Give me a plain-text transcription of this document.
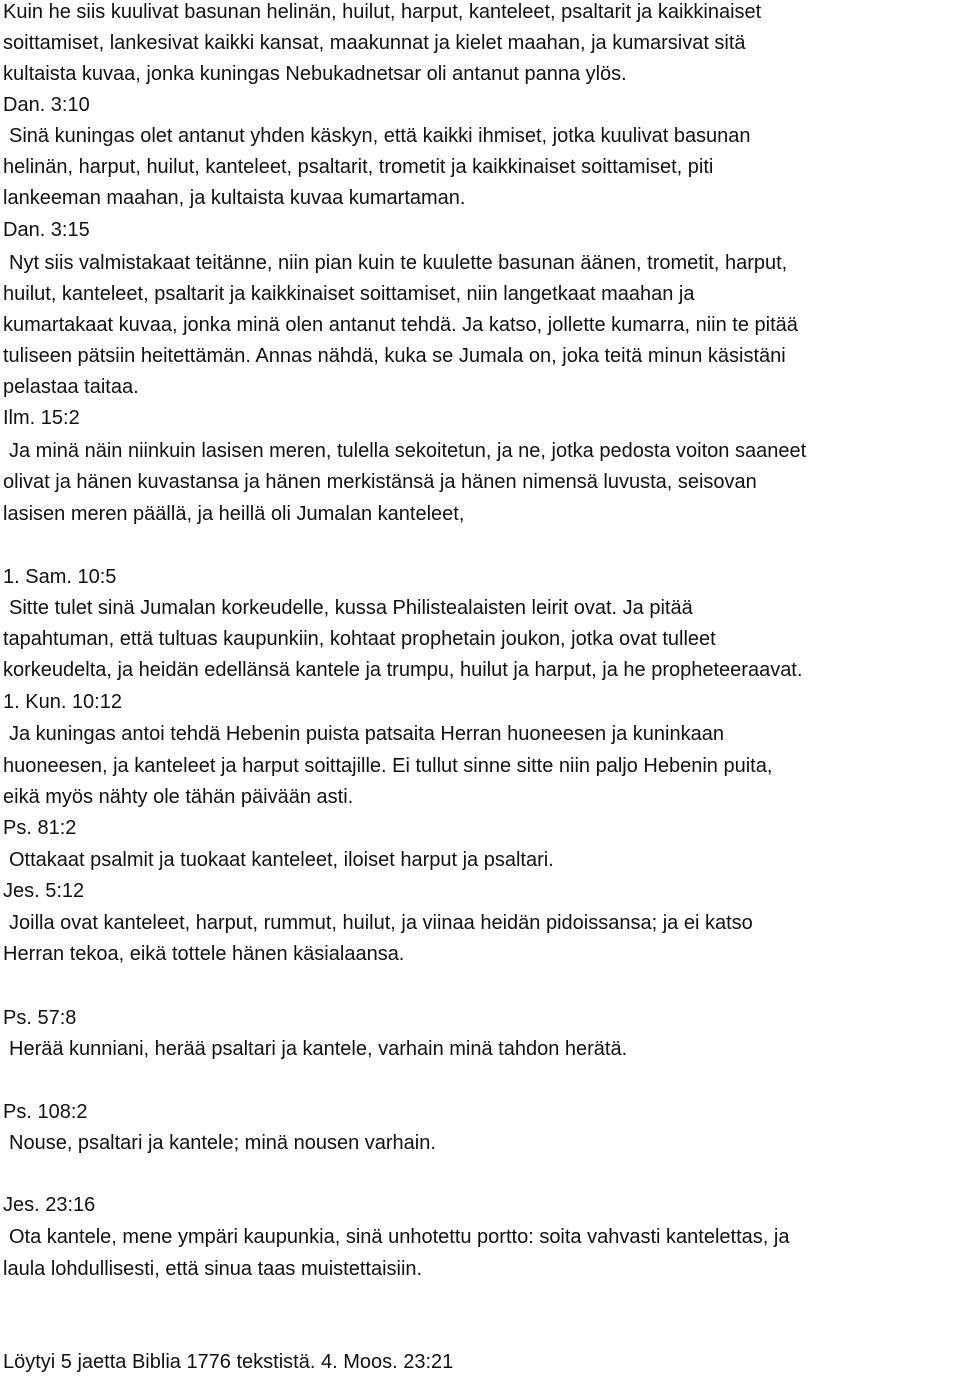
Kuin he siis kuulivat basunan helinän, huilut, harput, kanteleet, psaltarit ja kaikkinaiset
soittamiset, lankesivat kaikki kansat, maakunnat ja kielet maahan, ja kumarsivat sitä
kultaista kuvaa, jonka kuningas Nebukadnetsar oli antanut panna ylös.
Dan. 3:10
Sinä kuningas olet antanut yhden käskyn, että kaikki ihmiset, jotka kuulivat basunan
helinän, harput, huilut, kanteleet, psaltarit, trometit ja kaikkinaiset soittamiset, piti
lankeeman maahan, ja kultaista kuvaa kumartaman.
Dan. 3:15
Nyt siis valmistakaat teitänne, niin pian kuin te kuulette basunan äänen, trometit, harput,
huilut, kanteleet, psaltarit ja kaikkinaiset soittamiset, niin langetkaat maahan ja
kumartakaat kuvaa, jonka minä olen antanut tehdä. Ja katso, jollette kumarra, niin te pitää
tuliseen pätsiin heitettämän. Annas nähdä, kuka se Jumala on, joka teitä minun käsistäni
pelastaa taitaa.
Ilm. 15:2
Ja minä näin niinkuin lasisen meren, tulella sekoitetun, ja ne, jotka pedosta voiton saaneet
olivat ja hänen kuvastansa ja hänen merkistänsä ja hänen nimensä luvusta, seisovan
lasisen meren päällä, ja heillä oli Jumalan kanteleet,
1. Sam. 10:5
Sitte tulet sinä Jumalan korkeudelle, kussa Philistealaisten leirit ovat. Ja pitää
tapahtuman, että tultuas kaupunkiin, kohtaat prophetain joukon, jotka ovat tulleet
korkeudelta, ja heidän edellänsä kantele ja trumpu, huilut ja harput, ja he propheteeraavat.
1. Kun. 10:12
Ja kuningas antoi tehdä Hebenin puista patsaita Herran huoneesen ja kuninkaan
huoneesen, ja kanteleet ja harput soittajille. Ei tullut sinne sitte niin paljo Hebenin puita,
eikä myös nähty ole tähän päivään asti.
Ps. 81:2
Ottakaat psalmit ja tuokaat kanteleet, iloiset harput ja psaltari.
Jes. 5:12
Joilla ovat kanteleet, harput, rummut, huilut, ja viinaa heidän pidoissansa; ja ei katso
Herran tekoa, eikä tottele hänen käsialaansa.
Ps. 57:8
Herää kunniani, herää psaltari ja kantele, varhain minä tahdon herätä.
Ps. 108:2
Nouse, psaltari ja kantele; minä nousen varhain.
Jes. 23:16
Ota kantele, mene ympäri kaupunkia, sinä unhotettu portto: soita vahvasti kantelettas, ja
laula lohdullisesti, että sinua taas muistettaisiin.
Löytyi 5 jaetta Biblia 1776 tekstistä. 4. Moos. 23:21
